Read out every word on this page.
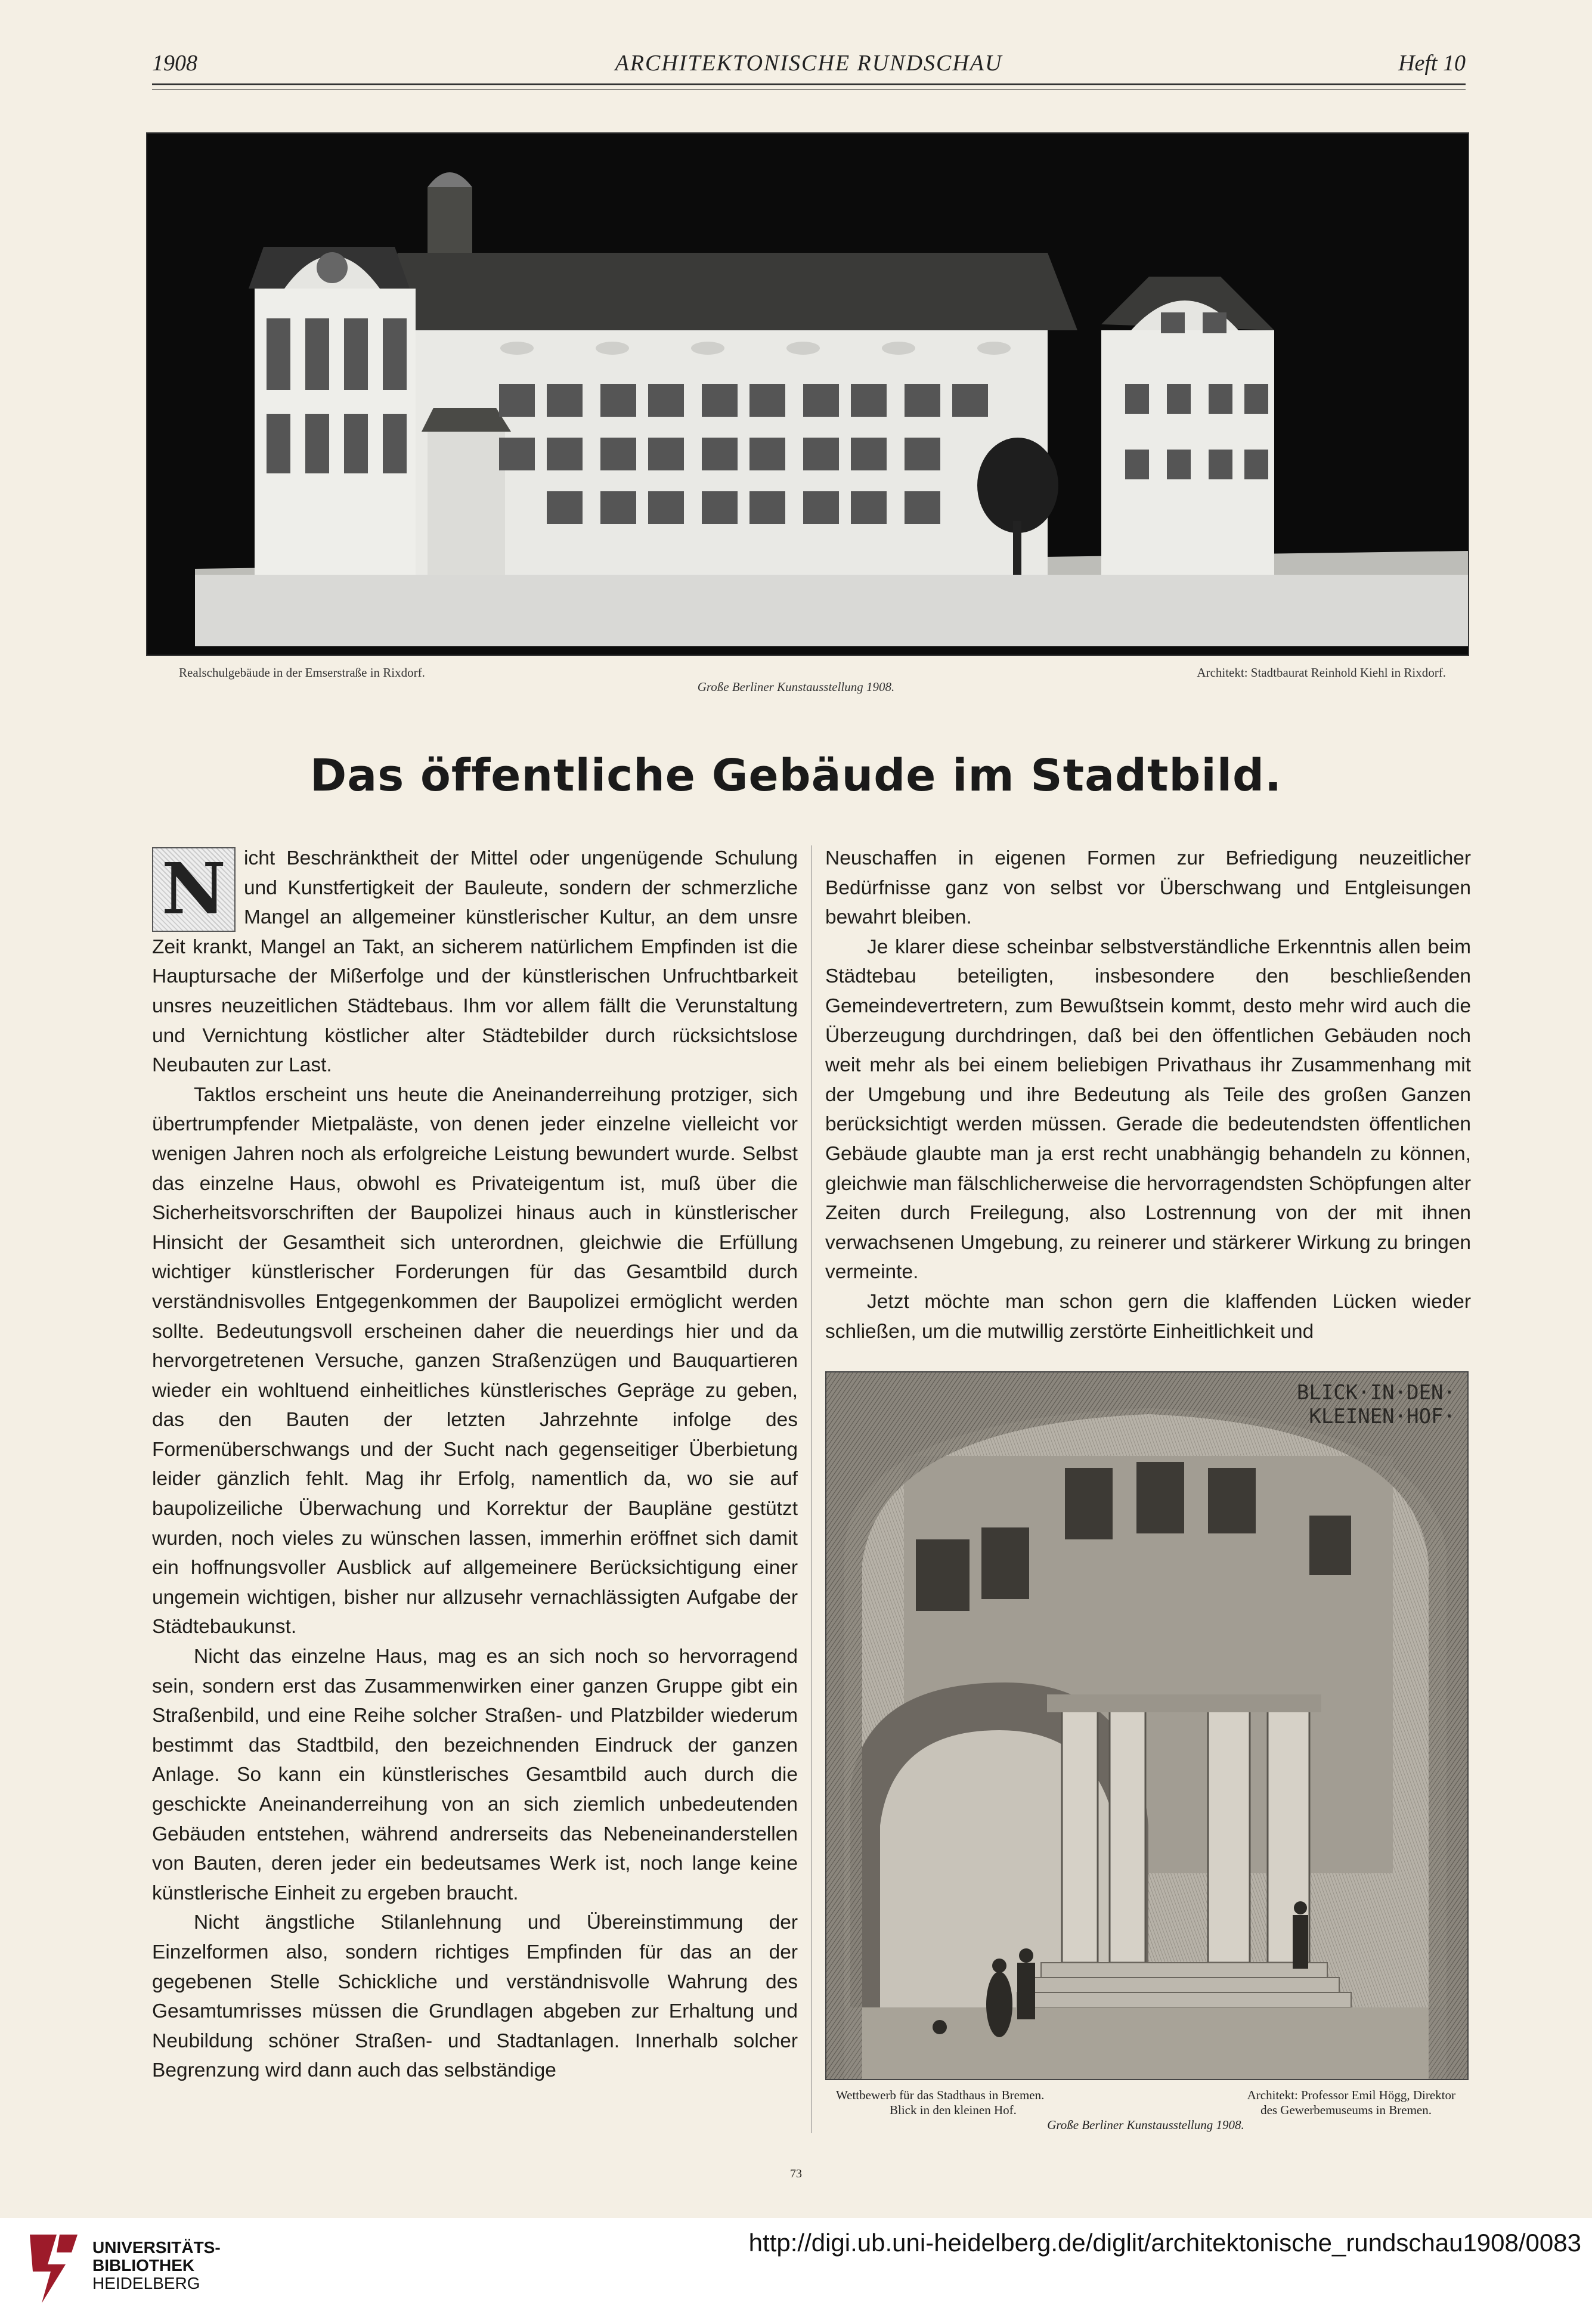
1908	ARCHITEKTONISCHE RUNDSCHAU	Heft 10
Realschulgebäude in der Emserstraße in Rixdorf.	Architekt: Stadtbaurat Reinhold Kiehl in Rixdorf.
Große Berliner Kunstausstellung 1908.
Das öffentliche Gebäude im Stadtbild.
N icht Beschränktheit der Mittel oder ungenügende Schulung und Kunstfertigkeit der Bauleute, sondern der schmerzliche Mangel an allgemeiner künstlerischer Kultur, an dem unsre Zeit krankt, Mangel an Takt, an sicherem natürlichem Empfinden ist die Hauptursache der Mißerfolge und der künstlerischen Unfruchtbarkeit unsres neuzeitlichen Städtebaus. Ihm vor allem fällt die Verunstaltung und Vernichtung köstlicher alter Städtebilder durch rücksichtslose Neubauten zur Last.

Taktlos erscheint uns heute die Aneinanderreihung protziger, sich übertrumpfender Mietpaläste, von denen jeder einzelne vielleicht vor wenigen Jahren noch als erfolgreiche Leistung bewundert wurde. Selbst das einzelne Haus, obwohl es Privateigentum ist, muß über die Sicherheitsvorschriften der Baupolizei hinaus auch in künstlerischer Hinsicht der Gesamtheit sich unterordnen, gleichwie die Erfüllung wichtiger künstlerischer Forderungen für das Gesamtbild durch verständnisvolles Entgegenkommen der Baupolizei ermöglicht werden sollte. Bedeutungsvoll erscheinen daher die neuerdings hier und da hervorgetretenen Versuche, ganzen Straßenzügen und Bauquartieren wieder ein wohltuend einheitliches künstlerisches Gepräge zu geben, das den Bauten der letzten Jahrzehnte infolge des Formenüberschwangs und der Sucht nach gegenseitiger Überbietung leider gänzlich fehlt. Mag ihr Erfolg, namentlich da, wo sie auf baupolizeiliche Überwachung und Korrektur der Baupläne gestützt wurden, noch vieles zu wünschen lassen, immerhin eröffnet sich damit ein hoffnungsvoller Ausblick auf allgemeinere Berücksichtigung einer ungemein wichtigen, bisher nur allzusehr vernachlässigten Aufgabe der Städtebaukunst.

Nicht das einzelne Haus, mag es an sich noch so hervorragend sein, sondern erst das Zusammenwirken einer ganzen Gruppe gibt ein Straßenbild, und eine Reihe solcher Straßen- und Platzbilder wiederum bestimmt das Stadtbild, den bezeichnenden Eindruck der ganzen Anlage. So kann ein künstlerisches Gesamtbild auch durch die geschickte Aneinanderreihung von an sich ziemlich unbedeutenden Gebäuden entstehen, während andrerseits das Nebeneinanderstellen von Bauten, deren jeder ein bedeutsames Werk ist, noch lange keine künstlerische Einheit zu ergeben braucht.

Nicht ängstliche Stilanlehnung und Übereinstimmung der Einzelformen also, sondern richtiges Empfinden für das an der gegebenen Stelle Schickliche und verständnisvolle Wahrung des Gesamtumrisses müssen die Grundlagen abgeben zur Erhaltung und Neubildung schöner Straßen- und Stadtanlagen. Innerhalb solcher Begrenzung wird dann auch das selbständige

Neuschaffen in eigenen Formen zur Befriedigung neuzeitlicher Bedürfnisse ganz von selbst vor Überschwang und Entgleisungen bewahrt bleiben.

Je klarer diese scheinbar selbstverständliche Erkenntnis allen beim Städtebau beteiligten, insbesondere den beschließenden Gemeindevertretern, zum Bewußtsein kommt, desto mehr wird auch die Überzeugung durchdringen, daß bei den öffentlichen Gebäuden noch weit mehr als bei einem beliebigen Privathaus ihr Zusammenhang mit der Umgebung und ihre Bedeutung als Teile des großen Ganzen berücksichtigt werden müssen. Gerade die bedeutendsten öffentlichen Gebäude glaubte man ja erst recht unabhängig behandeln zu können, gleichwie man fälschlicherweise die hervorragendsten Schöpfungen alter Zeiten durch Freilegung, also Lostrennung von der mit ihnen verwachsenen Umgebung, zu reinerer und stärkerer Wirkung zu bringen vermeinte.

Jetzt möchte man schon gern die klaffenden Lücken wieder schließen, um die mutwillig zerstörte Einheitlichkeit und

BLICK·IN·DEN·
KLEINEN·HOF·
Wettbewerb für das Stadthaus in Bremen.	Architekt: Professor Emil Högg, Direktor
Blick in den kleinen Hof.	des Gewerbemuseums in Bremen.
Große Berliner Kunstausstellung 1908.
73
UNIVERSITÄTS-
BIBLIOTHEK
HEIDELBERG
http://digi.ub.uni-heidelberg.de/diglit/architektonische_rundschau1908/0083
